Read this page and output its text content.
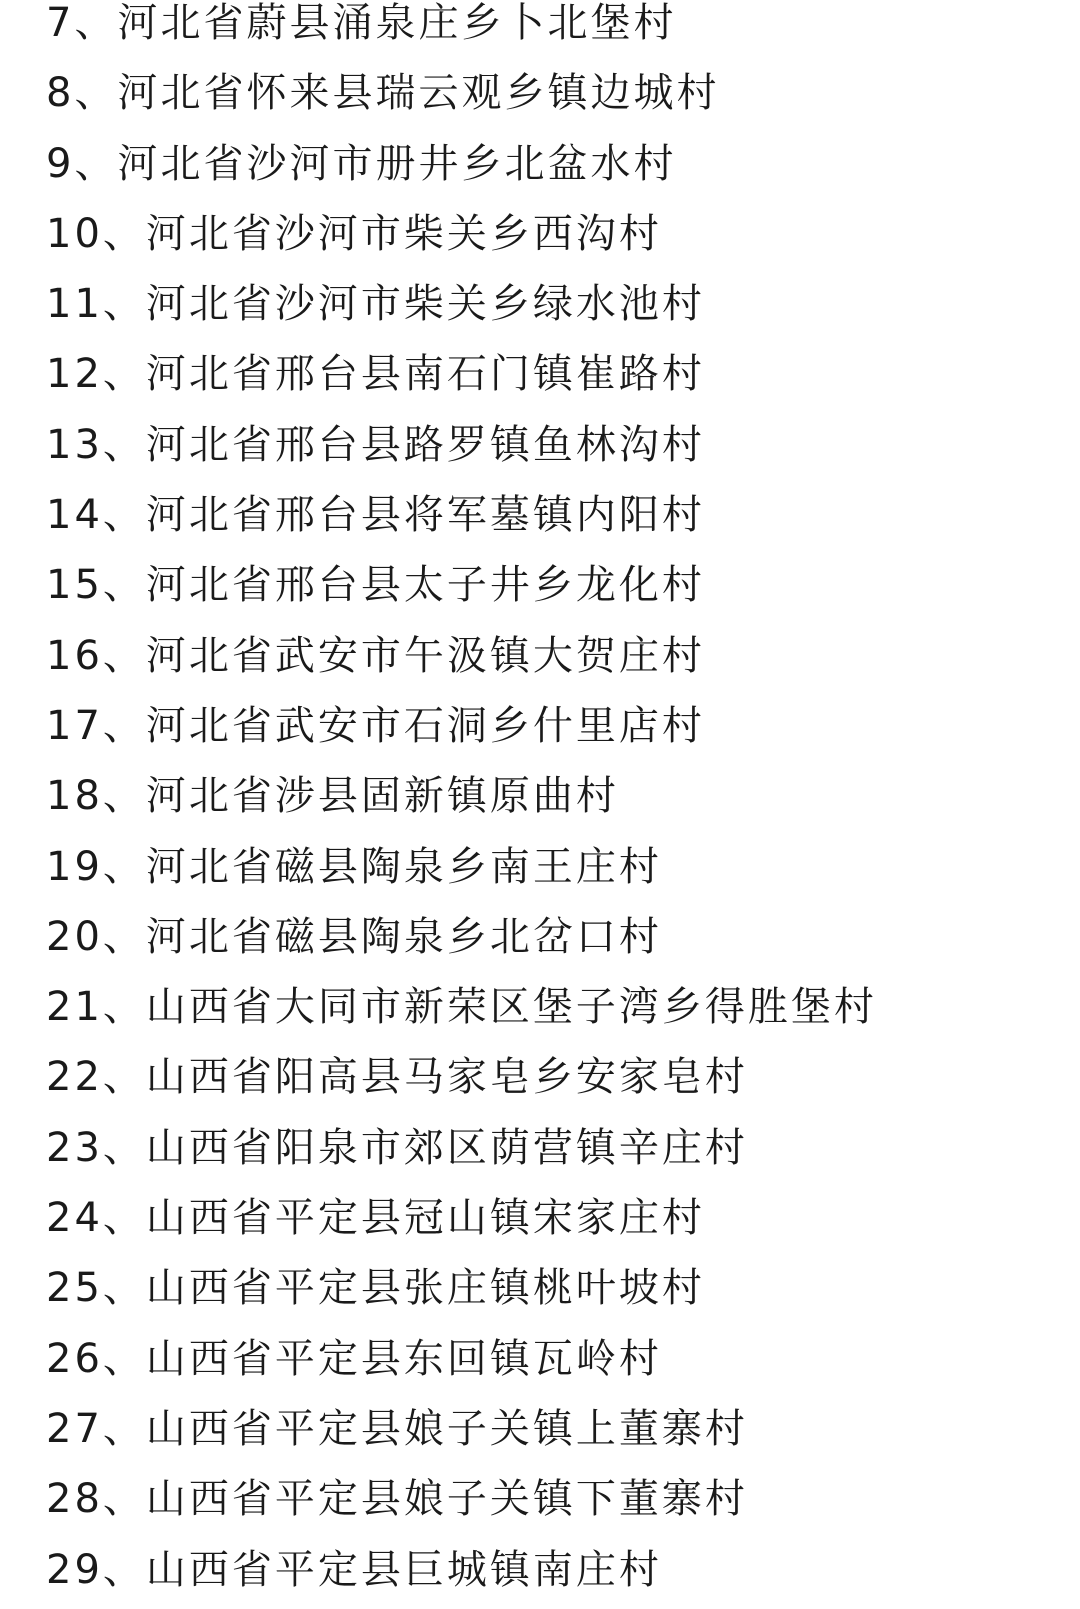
7、河北省蔚县涌泉庄乡卜北堡村
8、河北省怀来县瑞云观乡镇边城村
9、河北省沙河市册井乡北盆水村
10、河北省沙河市柴关乡西沟村
11、河北省沙河市柴关乡绿水池村
12、河北省邢台县南石门镇崔路村
13、河北省邢台县路罗镇鱼林沟村
14、河北省邢台县将军墓镇内阳村
15、河北省邢台县太子井乡龙化村
16、河北省武安市午汲镇大贺庄村
17、河北省武安市石洞乡什里店村
18、河北省涉县固新镇原曲村
19、河北省磁县陶泉乡南王庄村
20、河北省磁县陶泉乡北岔口村
21、山西省大同市新荣区堡子湾乡得胜堡村
22、山西省阳高县马家皂乡安家皂村
23、山西省阳泉市郊区荫营镇辛庄村
24、山西省平定县冠山镇宋家庄村
25、山西省平定县张庄镇桃叶坡村
26、山西省平定县东回镇瓦岭村
27、山西省平定县娘子关镇上董寨村
28、山西省平定县娘子关镇下董寨村
29、山西省平定县巨城镇南庄村
